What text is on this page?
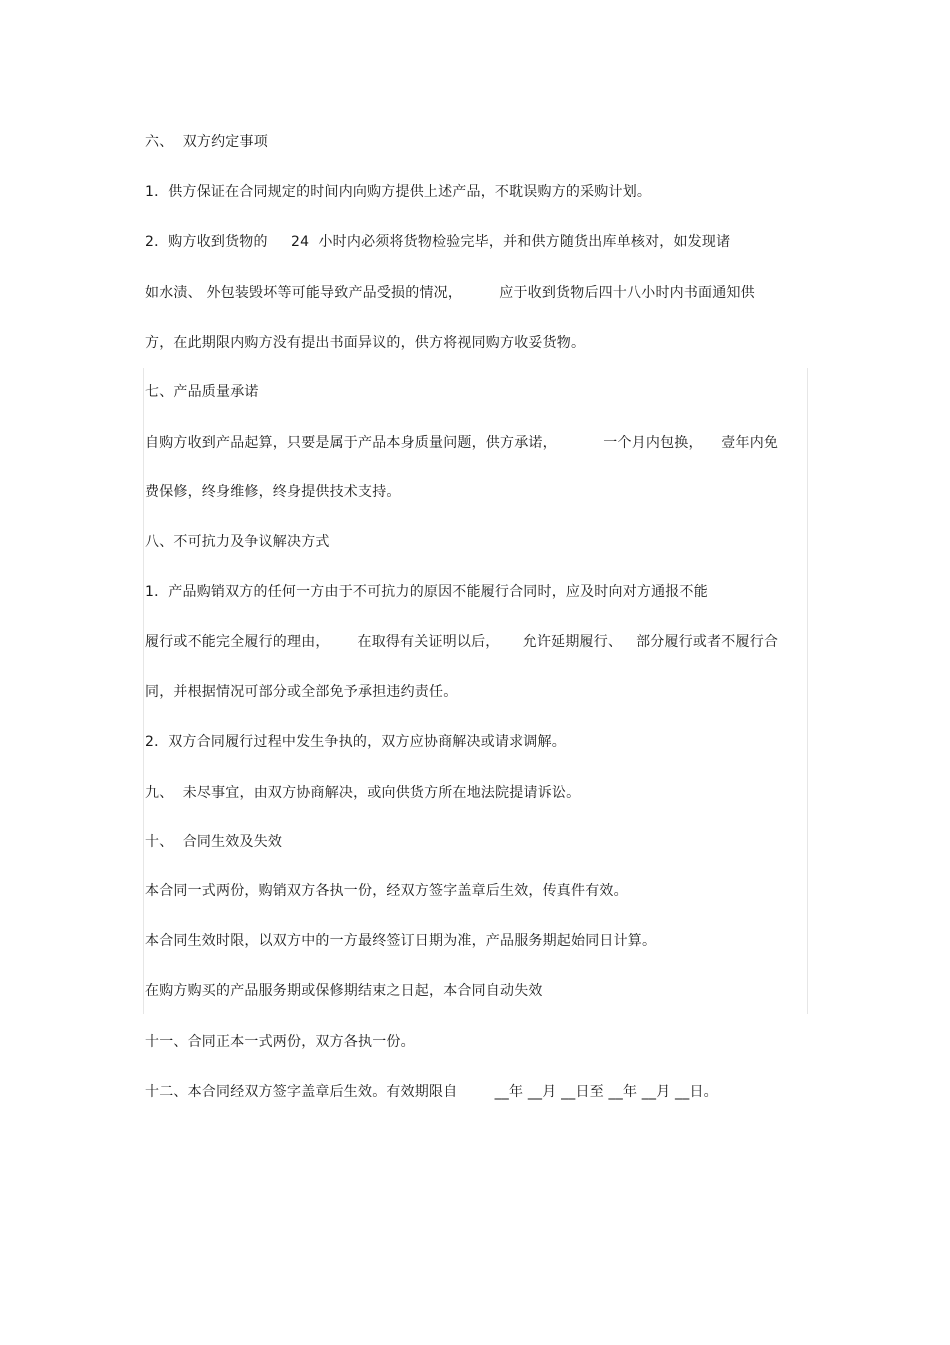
六、  双方约定事项
1．供方保证在合同规定的时间内向购方提供上述产品，不耽误购方的采购计划。
2．购方收到货物的     24  小时内必须将货物检验完毕，并和供方随货出库单核对，如发现诸
如水渍、 外包装毁坏等可能导致产品受损的情况，        应于收到货物后四十八小时内书面通知供
方，在此期限内购方没有提出书面异议的，供方将视同购方收妥货物。
七、产品质量承诺
自购方收到产品起算，只要是属于产品本身质量问题，供方承诺，          一个月内包换，    壹年内免
费保修，终身维修，终身提供技术支持。
八、不可抗力及争议解决方式
1．产品购销双方的任何一方由于不可抗力的原因不能履行合同时，应及时向对方通报不能
履行或不能完全履行的理由，      在取得有关证明以后，     允许延期履行、   部分履行或者不履行合
同，并根据情况可部分或全部免予承担违约责任。
2．双方合同履行过程中发生争执的，双方应协商解决或请求调解。
九、  未尽事宜，由双方协商解决，或向供货方所在地法院提请诉讼。
十、  合同生效及失效
本合同一式两份，购销双方各执一份，经双方签字盖章后生效，传真件有效。
本合同生效时限，以双方中的一方最终签订日期为准，产品服务期起始同日计算。
在购方购买的产品服务期或保修期结束之日起，本合同自动失效
十一、合同正本一式两份，双方各执一份。
十二、本合同经双方签字盖章后生效。有效期限自        __年 __月 __日至 __年 __月 __日。
